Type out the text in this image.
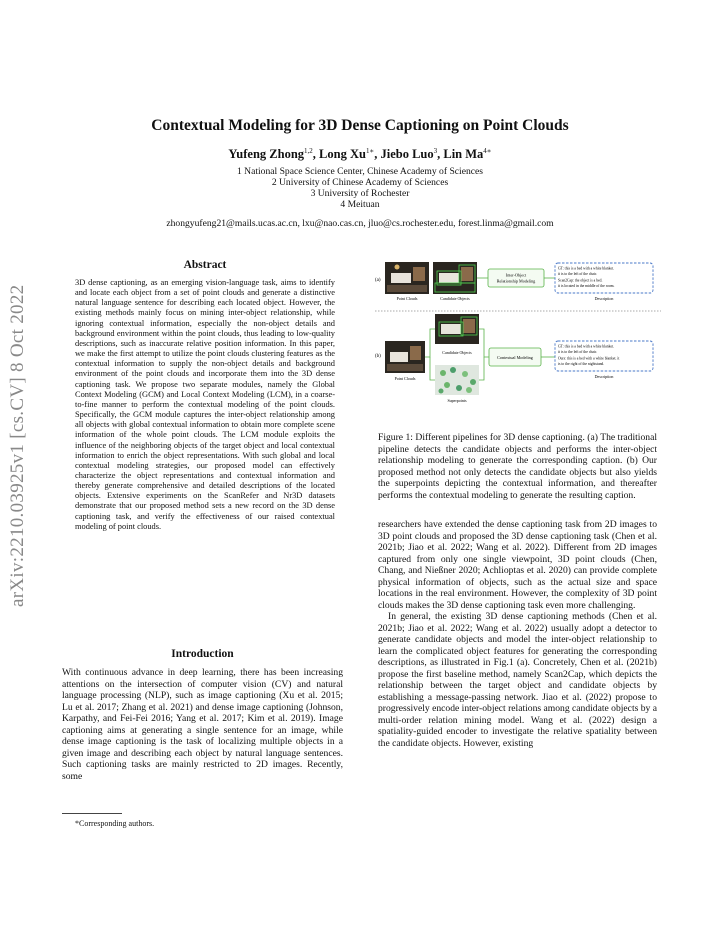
Contextual Modeling for 3D Dense Captioning on Point Clouds
Yufeng Zhong$^{1,2}$, Long $Xu^{1∗}$, Jiebo Luo$^3$, Lin $Ma^{4∗}$
1 National Space Science Center, Chinese Academy of Sciences
2 University of Chinese Academy of Sciences
3 University of Rochester
4 Meituan
zhongyufeng21@mails.ucas.ac.cn, lxu@nao.cas.cn, jluo@cs.rochester.edu, forest.linma@gmail.com
arXiv:2210.03925v1 [cs.CV] 8 Oct 2022
Abstract
3D dense captioning, as an emerging vision-language task, aims to identify and locate each object from a set of point clouds and generate a distinctive natural language sentence for describing each located object. However, the existing methods mainly focus on mining inter-object relationship, while ignoring contextual information, especially the non-object details and background environment within the point clouds, thus leading to low-quality descriptions, such as inaccurate relative position information. In this paper, we make the first attempt to utilize the point clouds clustering features as the contextual information to supply the non-object details and background environment of the point clouds and incorporate them into the 3D dense captioning task. We propose two separate modules, namely the Global Context Modeling (GCM) and Local Context Modeling (LCM), in a coarse-to-fine manner to perform the contextual modeling of the point clouds. Specifically, the GCM module captures the inter-object relationship among all objects with global contextual information to obtain more complete scene information of the whole point clouds. The LCM module exploits the influence of the neighboring objects of the target object and local contextual information to enrich the object representations. With such global and local contextual modeling strategies, our proposed model can effectively characterize the object representations and contextual information and thereby generate comprehensive and detailed descriptions of the located objects. Extensive experiments on the ScanRefer and Nr3D datasets demonstrate that our proposed method sets a new record on the 3D dense captioning task, and verify the effectiveness of our raised contextual modeling of point clouds.
Introduction

With continuous advance in deep learning, there has been increasing attentions on the intersection of computer vision (CV) and natural language processing (NLP), such as image captioning (Xu et al. 2015; Lu et al. 2017; Zhang et al. 2021) and dense image captioning (Johnson, Karpathy, and Fei-Fei 2016; Yang et al. 2017; Kim et al. 2019). Image captioning aims at generating a single sentence for an image, while dense image captioning is the task of localizing multiple objects in a given image and describing each object by natural language sentences. Such captioning tasks are mainly restricted to 2D images. Recently, some

*Corresponding authors.
(a)
Point Clouds	Candidate Objects
Inter-Object
Relationship Modeling
GT: this is a bed with a white blanket.
it is to the left of the chair.
Scan2Cap: the object is a bed.
it is located in the middle of the room.
Description
(b)
Point Clouds
Candidate Objects
Superpoints
Contextual Modeling
GT: this is a bed with a white blanket.
it is to the left of the chair.
Ours: this is a bed with a white blanket. it
is to the right of the nightstand.
Description
Figure 1: Different pipelines for 3D dense captioning. (a) The traditional pipeline detects the candidate objects and performs the inter-object relationship modeling to generate the corresponding caption. (b) Our proposed method not only detects the candidate objects but also yields the superpoints depicting the contextual information, and thereafter performs the contextual modeling to generate the resulting caption.

researchers have extended the dense captioning task from 2D images to 3D point clouds and proposed the 3D dense captioning task (Chen et al. 2021b; Jiao et al. 2022; Wang et al. 2022). Different from 2D images captured from only one single viewpoint, 3D point clouds (Chen, Chang, and Nießner 2020; Achlioptas et al. 2020) can provide complete physical information of objects, such as the actual size and space locations in the real environment. However, the complexity of 3D point clouds makes the 3D dense captioning task even more challenging.

In general, the existing 3D dense captioning methods (Chen et al. 2021b; Jiao et al. 2022; Wang et al. 2022) usually adopt a detector to generate candidate objects and model the inter-object relationship to learn the complicated object features for generating the corresponding descriptions, as illustrated in Fig.1 (a). Concretely, Chen et al. (2021b) propose the first baseline method, namely Scan2Cap, which depicts the relationship between the target object and candidate objects by establishing a message-passing network. Jiao et al. (2022) propose to progressively encode inter-object relations among candidate objects by a multi-order relation mining model. Wang et al. (2022) design a spatiality-guided encoder to investigate the relative spatiality between the candidate objects. However, existing
